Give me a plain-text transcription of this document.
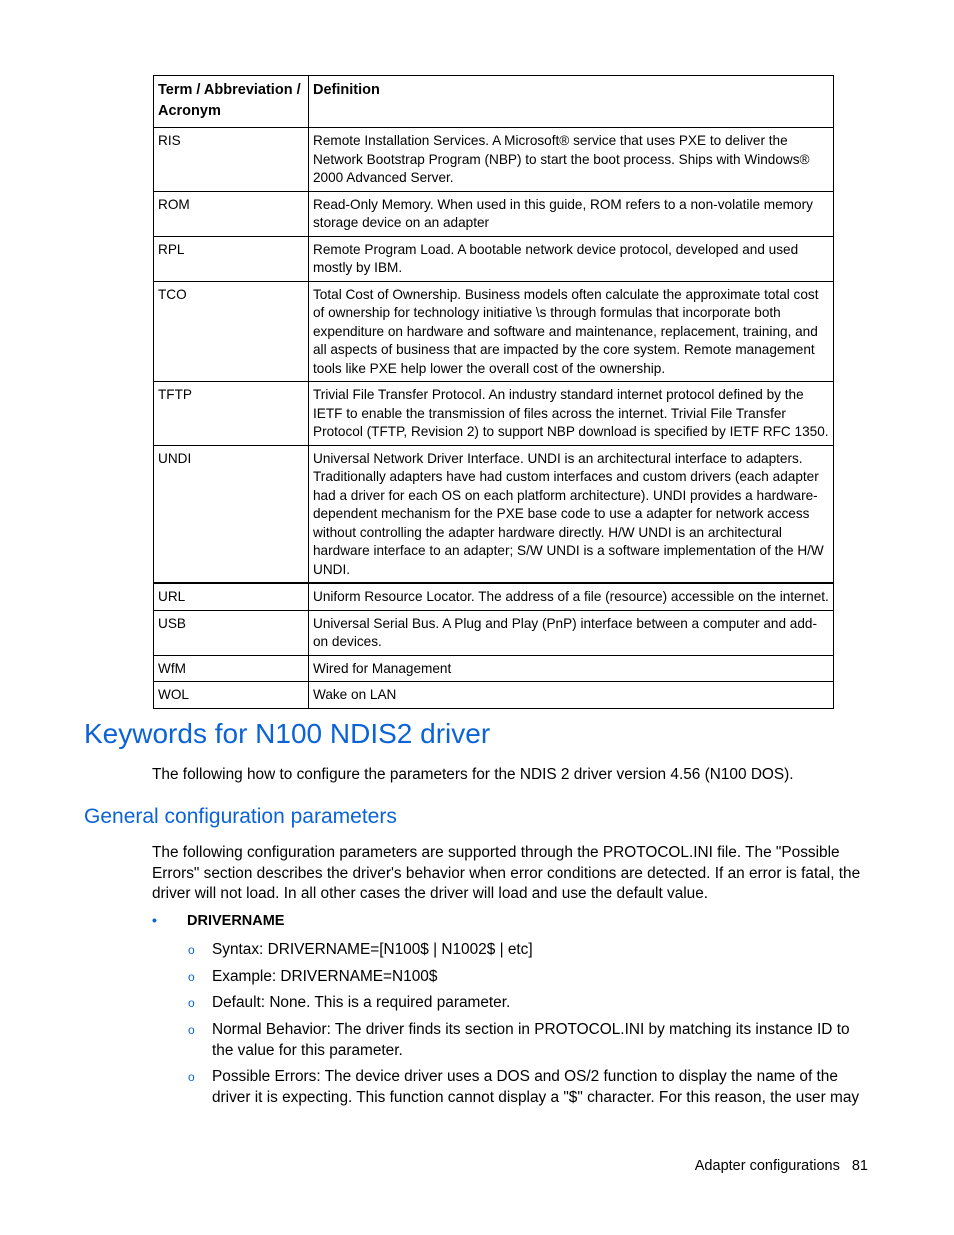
Term / Abbreviation / Acronym	Definition
RIS	Remote Installation Services. A Microsoft® service that uses PXE to deliver the Network Bootstrap Program (NBP) to start the boot process. Ships with Windows® 2000 Advanced Server.
ROM	Read-Only Memory. When used in this guide, ROM refers to a non-volatile memory storage device on an adapter
RPL	Remote Program Load. A bootable network device protocol, developed and used mostly by IBM.
TCO	Total Cost of Ownership. Business models often calculate the approximate total cost of ownership for technology initiative \s through formulas that incorporate both expenditure on hardware and software and maintenance, replacement, training, and all aspects of business that are impacted by the core system. Remote management tools like PXE help lower the overall cost of the ownership.
TFTP	Trivial File Transfer Protocol. An industry standard internet protocol defined by the IETF to enable the transmission of files across the internet. Trivial File Transfer Protocol (TFTP, Revision 2) to support NBP download is specified by IETF RFC 1350.
UNDI	Universal Network Driver Interface. UNDI is an architectural interface to adapters. Traditionally adapters have had custom interfaces and custom drivers (each adapter had a driver for each OS on each platform architecture). UNDI provides a hardware-dependent mechanism for the PXE base code to use a adapter for network access without controlling the adapter hardware directly. H/W UNDI is an architectural hardware interface to an adapter; S/W UNDI is a software implementation of the H/W UNDI.
URL	Uniform Resource Locator. The address of a file (resource) accessible on the internet.
USB	Universal Serial Bus. A Plug and Play (PnP) interface between a computer and add-on devices.
WfM	Wired for Management
WOL	Wake on LAN
Keywords for N100 NDIS2 driver

The following how to configure the parameters for the NDIS 2 driver version 4.56 (N100 DOS).

General configuration parameters

The following configuration parameters are supported through the PROTOCOL.INI file. The "Possible Errors" section describes the driver's behavior when error conditions are detected. If an error is fatal, the driver will not load. In all other cases the driver will load and use the default value.

• DRIVERNAME

o Syntax: DRIVERNAME=[N100$ | N1002$ | etc]

o Example: DRIVERNAME=N100$

o Default: None. This is a required parameter.

o Normal Behavior: The driver finds its section in PROTOCOL.INI by matching its instance ID to the value for this parameter.

o Possible Errors: The device driver uses a DOS and OS/2 function to display the name of the driver it is expecting. This function cannot display a "$" character. For this reason, the user may

Adapter configurations 81
